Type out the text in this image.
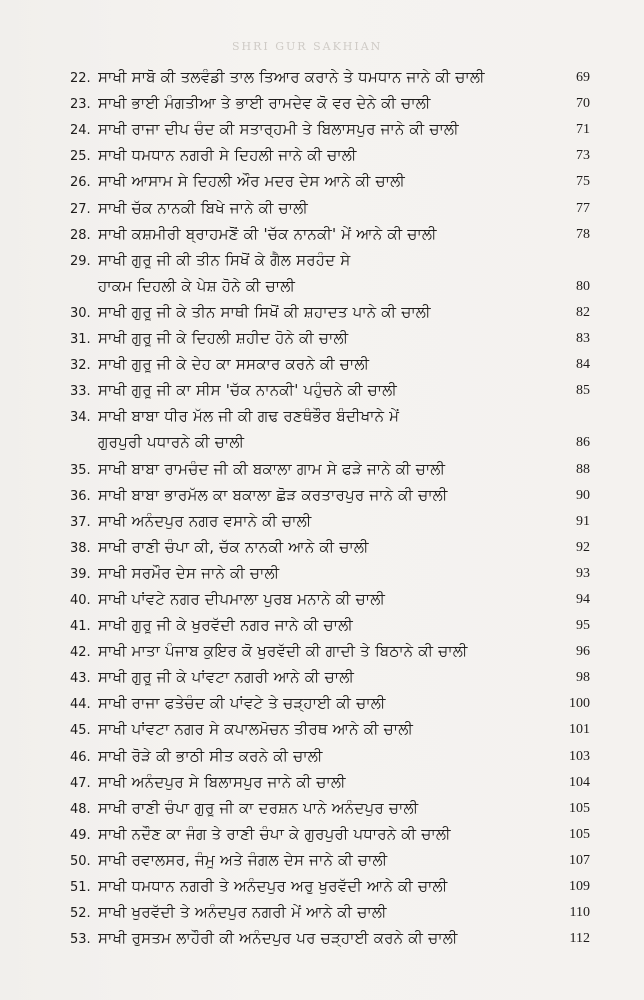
SHRI GUR SAKHIAN
22. ਸਾਖੀ ਸਾਬੋ ਕੀ ਤਲਵੰਡੀ ਤਾਲ ਤਿਆਰ ਕਰਾਨੇ ਤੇ ਧਮਧਾਨ ਜਾਨੇ ਕੀ ਚਾਲੀ	69
23. ਸਾਖੀ ਭਾਈ ਮੰਗਤੀਆ ਤੇ ਭਾਈ ਰਾਮਦੇਵ ਕੋ ਵਰ ਦੇਨੇ ਕੀ ਚਾਲੀ	70
24. ਸਾਖੀ ਰਾਜਾ ਦੀਪ ਚੰਦ ਕੀ ਸਤਾਰ੍ਹਮੀ ਤੇ ਬਿਲਾਸਪੁਰ ਜਾਨੇ ਕੀ ਚਾਲੀ	71
25. ਸਾਖੀ ਧਮਧਾਨ ਨਗਰੀ ਸੇ ਦਿਹਲੀ ਜਾਨੇ ਕੀ ਚਾਲੀ	73
26. ਸਾਖੀ ਆਸਾਮ ਸੇ ਦਿਹਲੀ ਔਰ ਮਦਰ ਦੇਸ ਆਨੇ ਕੀ ਚਾਲੀ	75
27. ਸਾਖੀ ਚੱਕ ਨਾਨਕੀ ਬਿਖੇ ਜਾਨੇ ਕੀ ਚਾਲੀ	77
28. ਸਾਖੀ ਕਸ਼ਮੀਰੀ ਬ੍ਰਾਹਮਣੋਂ ਕੀ 'ਚੱਕ ਨਾਨਕੀ' ਮੇਂ ਆਨੇ ਕੀ ਚਾਲੀ	78
29. ਸਾਖੀ ਗੁਰੂ ਜੀ ਕੀ ਤੀਨ ਸਿਖੋਂ ਕੇ ਗੈਲ ਸਰਹੰਦ ਸੇ
ਹਾਕਮ ਦਿਹਲੀ ਕੇ ਪੇਸ਼ ਹੋਨੇ ਕੀ ਚਾਲੀ	80
30. ਸਾਖੀ ਗੁਰੂ ਜੀ ਕੇ ਤੀਨ ਸਾਥੀ ਸਿਖੋਂ ਕੀ ਸ਼ਹਾਦਤ ਪਾਨੇ ਕੀ ਚਾਲੀ	82
31. ਸਾਖੀ ਗੁਰੂ ਜੀ ਕੇ ਦਿਹਲੀ ਸ਼ਹੀਦ ਹੋਨੇ ਕੀ ਚਾਲੀ	83
32. ਸਾਖੀ ਗੁਰੂ ਜੀ ਕੇ ਦੇਹ ਕਾ ਸਸਕਾਰ ਕਰਨੇ ਕੀ ਚਾਲੀ	84
33. ਸਾਖੀ ਗੁਰੂ ਜੀ ਕਾ ਸੀਸ 'ਚੱਕ ਨਾਨਕੀ' ਪਹੁੰਚਨੇ ਕੀ ਚਾਲੀ	85
34. ਸਾਖੀ ਬਾਬਾ ਧੀਰ ਮੱਲ ਜੀ ਕੀ ਗਢ ਰਣਥੰਭੌਰ ਬੰਦੀਖਾਨੇ ਮੇਂ
ਗੁਰਪੁਰੀ ਪਧਾਰਨੇ ਕੀ ਚਾਲੀ	86
35. ਸਾਖੀ ਬਾਬਾ ਰਾਮਚੰਦ ਜੀ ਕੀ ਬਕਾਲਾ ਗਾਮ ਸੇ ਫੜੇ ਜਾਨੇ ਕੀ ਚਾਲੀ	88
36. ਸਾਖੀ ਬਾਬਾ ਭਾਰਮੱਲ ਕਾ ਬਕਾਲਾ ਛੋੜ ਕਰਤਾਰਪੁਰ ਜਾਨੇ ਕੀ ਚਾਲੀ	90
37. ਸਾਖੀ ਅਨੰਦਪੁਰ ਨਗਰ ਵਸਾਨੇ ਕੀ ਚਾਲੀ	91
38. ਸਾਖੀ ਰਾਣੀ ਚੰਪਾ ਕੀ, ਚੱਕ ਨਾਨਕੀ ਆਨੇ ਕੀ ਚਾਲੀ	92
39. ਸਾਖੀ ਸਰਮੌਰ ਦੇਸ ਜਾਨੇ ਕੀ ਚਾਲੀ	93
40. ਸਾਖੀ ਪਾਂਵਟੇ ਨਗਰ ਦੀਪਮਾਲਾ ਪੁਰਬ ਮਨਾਨੇ ਕੀ ਚਾਲੀ	94
41. ਸਾਖੀ ਗੁਰੂ ਜੀ ਕੇ ਖੁਰਵੱਦੀ ਨਗਰ ਜਾਨੇ ਕੀ ਚਾਲੀ	95
42. ਸਾਖੀ ਮਾਤਾ ਪੰਜਾਬ ਕੁਇਰ ਕੋ ਖੁਰਵੱਦੀ ਕੀ ਗਾਦੀ ਤੇ ਬਿਠਾਨੇ ਕੀ ਚਾਲੀ	96
43. ਸਾਖੀ ਗੁਰੂ ਜੀ ਕੇ ਪਾਂਵਟਾ ਨਗਰੀ ਆਨੇ ਕੀ ਚਾਲੀ	98
44. ਸਾਖੀ ਰਾਜਾ ਫਤੇਚੰਦ ਕੀ ਪਾਂਵਟੇ ਤੇ ਚੜ੍ਹਾਈ ਕੀ ਚਾਲੀ	100
45. ਸਾਖੀ ਪਾਂਵਟਾ ਨਗਰ ਸੇ ਕਪਾਲਮੋਚਨ ਤੀਰਥ ਆਨੇ ਕੀ ਚਾਲੀ	101
46. ਸਾਖੀ ਰੋੜੇ ਕੀ ਭਾਠੀ ਸੀਤ ਕਰਨੇ ਕੀ ਚਾਲੀ	103
47. ਸਾਖੀ ਅਨੰਦਪੁਰ ਸੇ ਬਿਲਾਸਪੁਰ ਜਾਨੇ ਕੀ ਚਾਲੀ	104
48. ਸਾਖੀ ਰਾਣੀ ਚੰਪਾ ਗੁਰੂ ਜੀ ਕਾ ਦਰਸ਼ਨ ਪਾਨੇ ਅਨੰਦਪੁਰ ਚਾਲੀ	105
49. ਸਾਖੀ ਨਦੌਣ ਕਾ ਜੰਗ ਤੇ ਰਾਣੀ ਚੰਪਾ ਕੇ ਗੁਰਪੁਰੀ ਪਧਾਰਨੇ ਕੀ ਚਾਲੀ	105
50. ਸਾਖੀ ਰਵਾਲਸਰ, ਜੰਮੂ ਅਤੇ ਜੰਗਲ ਦੇਸ ਜਾਨੇ ਕੀ ਚਾਲੀ	107
51. ਸਾਖੀ ਧਮਧਾਨ ਨਗਰੀ ਤੇ ਅਨੰਦਪੁਰ ਅਰੁ ਖੁਰਵੱਦੀ ਆਨੇ ਕੀ ਚਾਲੀ	109
52. ਸਾਖੀ ਖੁਰਵੱਦੀ ਤੇ ਅਨੰਦਪੁਰ ਨਗਰੀ ਮੇਂ ਆਨੇ ਕੀ ਚਾਲੀ	110
53. ਸਾਖੀ ਰੁਸਤਮ ਲਾਹੌਰੀ ਕੀ ਅਨੰਦਪੁਰ ਪਰ ਚੜ੍ਹਾਈ ਕਰਨੇ ਕੀ ਚਾਲੀ	112
